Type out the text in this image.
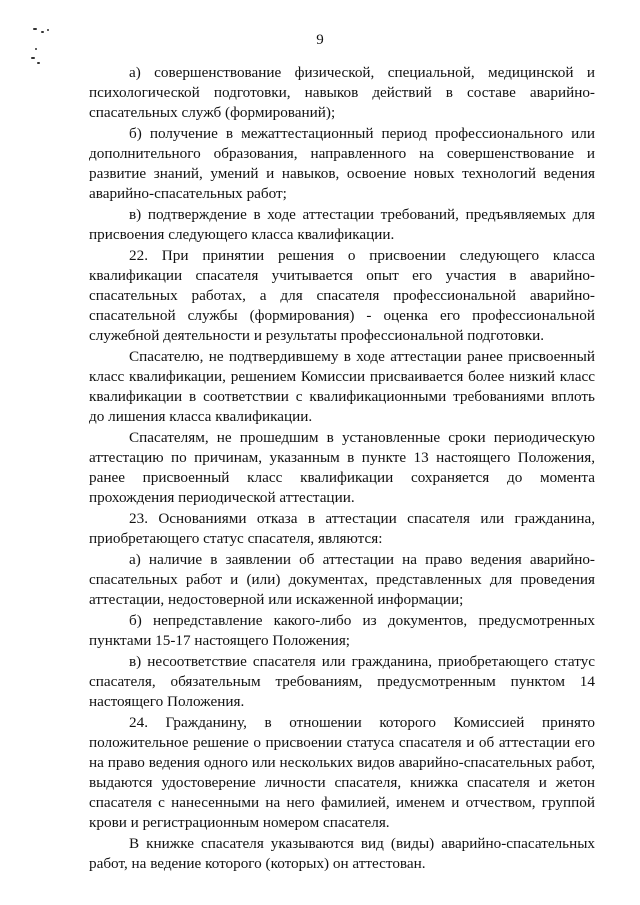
9

а) совершенствование физической, специальной, медицинской и психологической подготовки, навыков действий в составе аварийно-спасательных служб (формирований);

б) получение в межаттестационный период профессионального или дополнительного образования, направленного на совершенствование и развитие знаний, умений и навыков, освоение новых технологий ведения аварийно-спасательных работ;

в) подтверждение в ходе аттестации требований, предъявляемых для присвоения следующего класса квалификации.

22. При принятии решения о присвоении следующего класса квалификации спасателя учитывается опыт его участия в аварийно-спасательных работах, а для спасателя профессиональной аварийно-спасательной службы (формирования) - оценка его профессиональной служебной деятельности и результаты профессиональной подготовки.

Спасателю, не подтвердившему в ходе аттестации ранее присвоенный класс квалификации, решением Комиссии присваивается более низкий класс квалификации в соответствии с квалификационными требованиями вплоть до лишения класса квалификации.

Спасателям, не прошедшим в установленные сроки периодическую аттестацию по причинам, указанным в пункте 13 настоящего Положения, ранее присвоенный класс квалификации сохраняется до момента прохождения периодической аттестации.

23. Основаниями отказа в аттестации спасателя или гражданина, приобретающего статус спасателя, являются:

а) наличие в заявлении об аттестации на право ведения аварийно-спасательных работ и (или) документах, представленных для проведения аттестации, недостоверной или искаженной информации;

б) непредставление какого-либо из документов, предусмотренных пунктами 15-17 настоящего Положения;

в) несоответствие спасателя или гражданина, приобретающего статус спасателя, обязательным требованиям, предусмотренным пунктом 14 настоящего Положения.

24. Гражданину, в отношении которого Комиссией принято положительное решение о присвоении статуса спасателя и об аттестации его на право ведения одного или нескольких видов аварийно-спасательных работ, выдаются удостоверение личности спасателя, книжка спасателя и жетон спасателя с нанесенными на него фамилией, именем и отчеством, группой крови и регистрационным номером спасателя.

В книжке спасателя указываются вид (виды) аварийно-спасательных работ, на ведение которого (которых) он аттестован.
